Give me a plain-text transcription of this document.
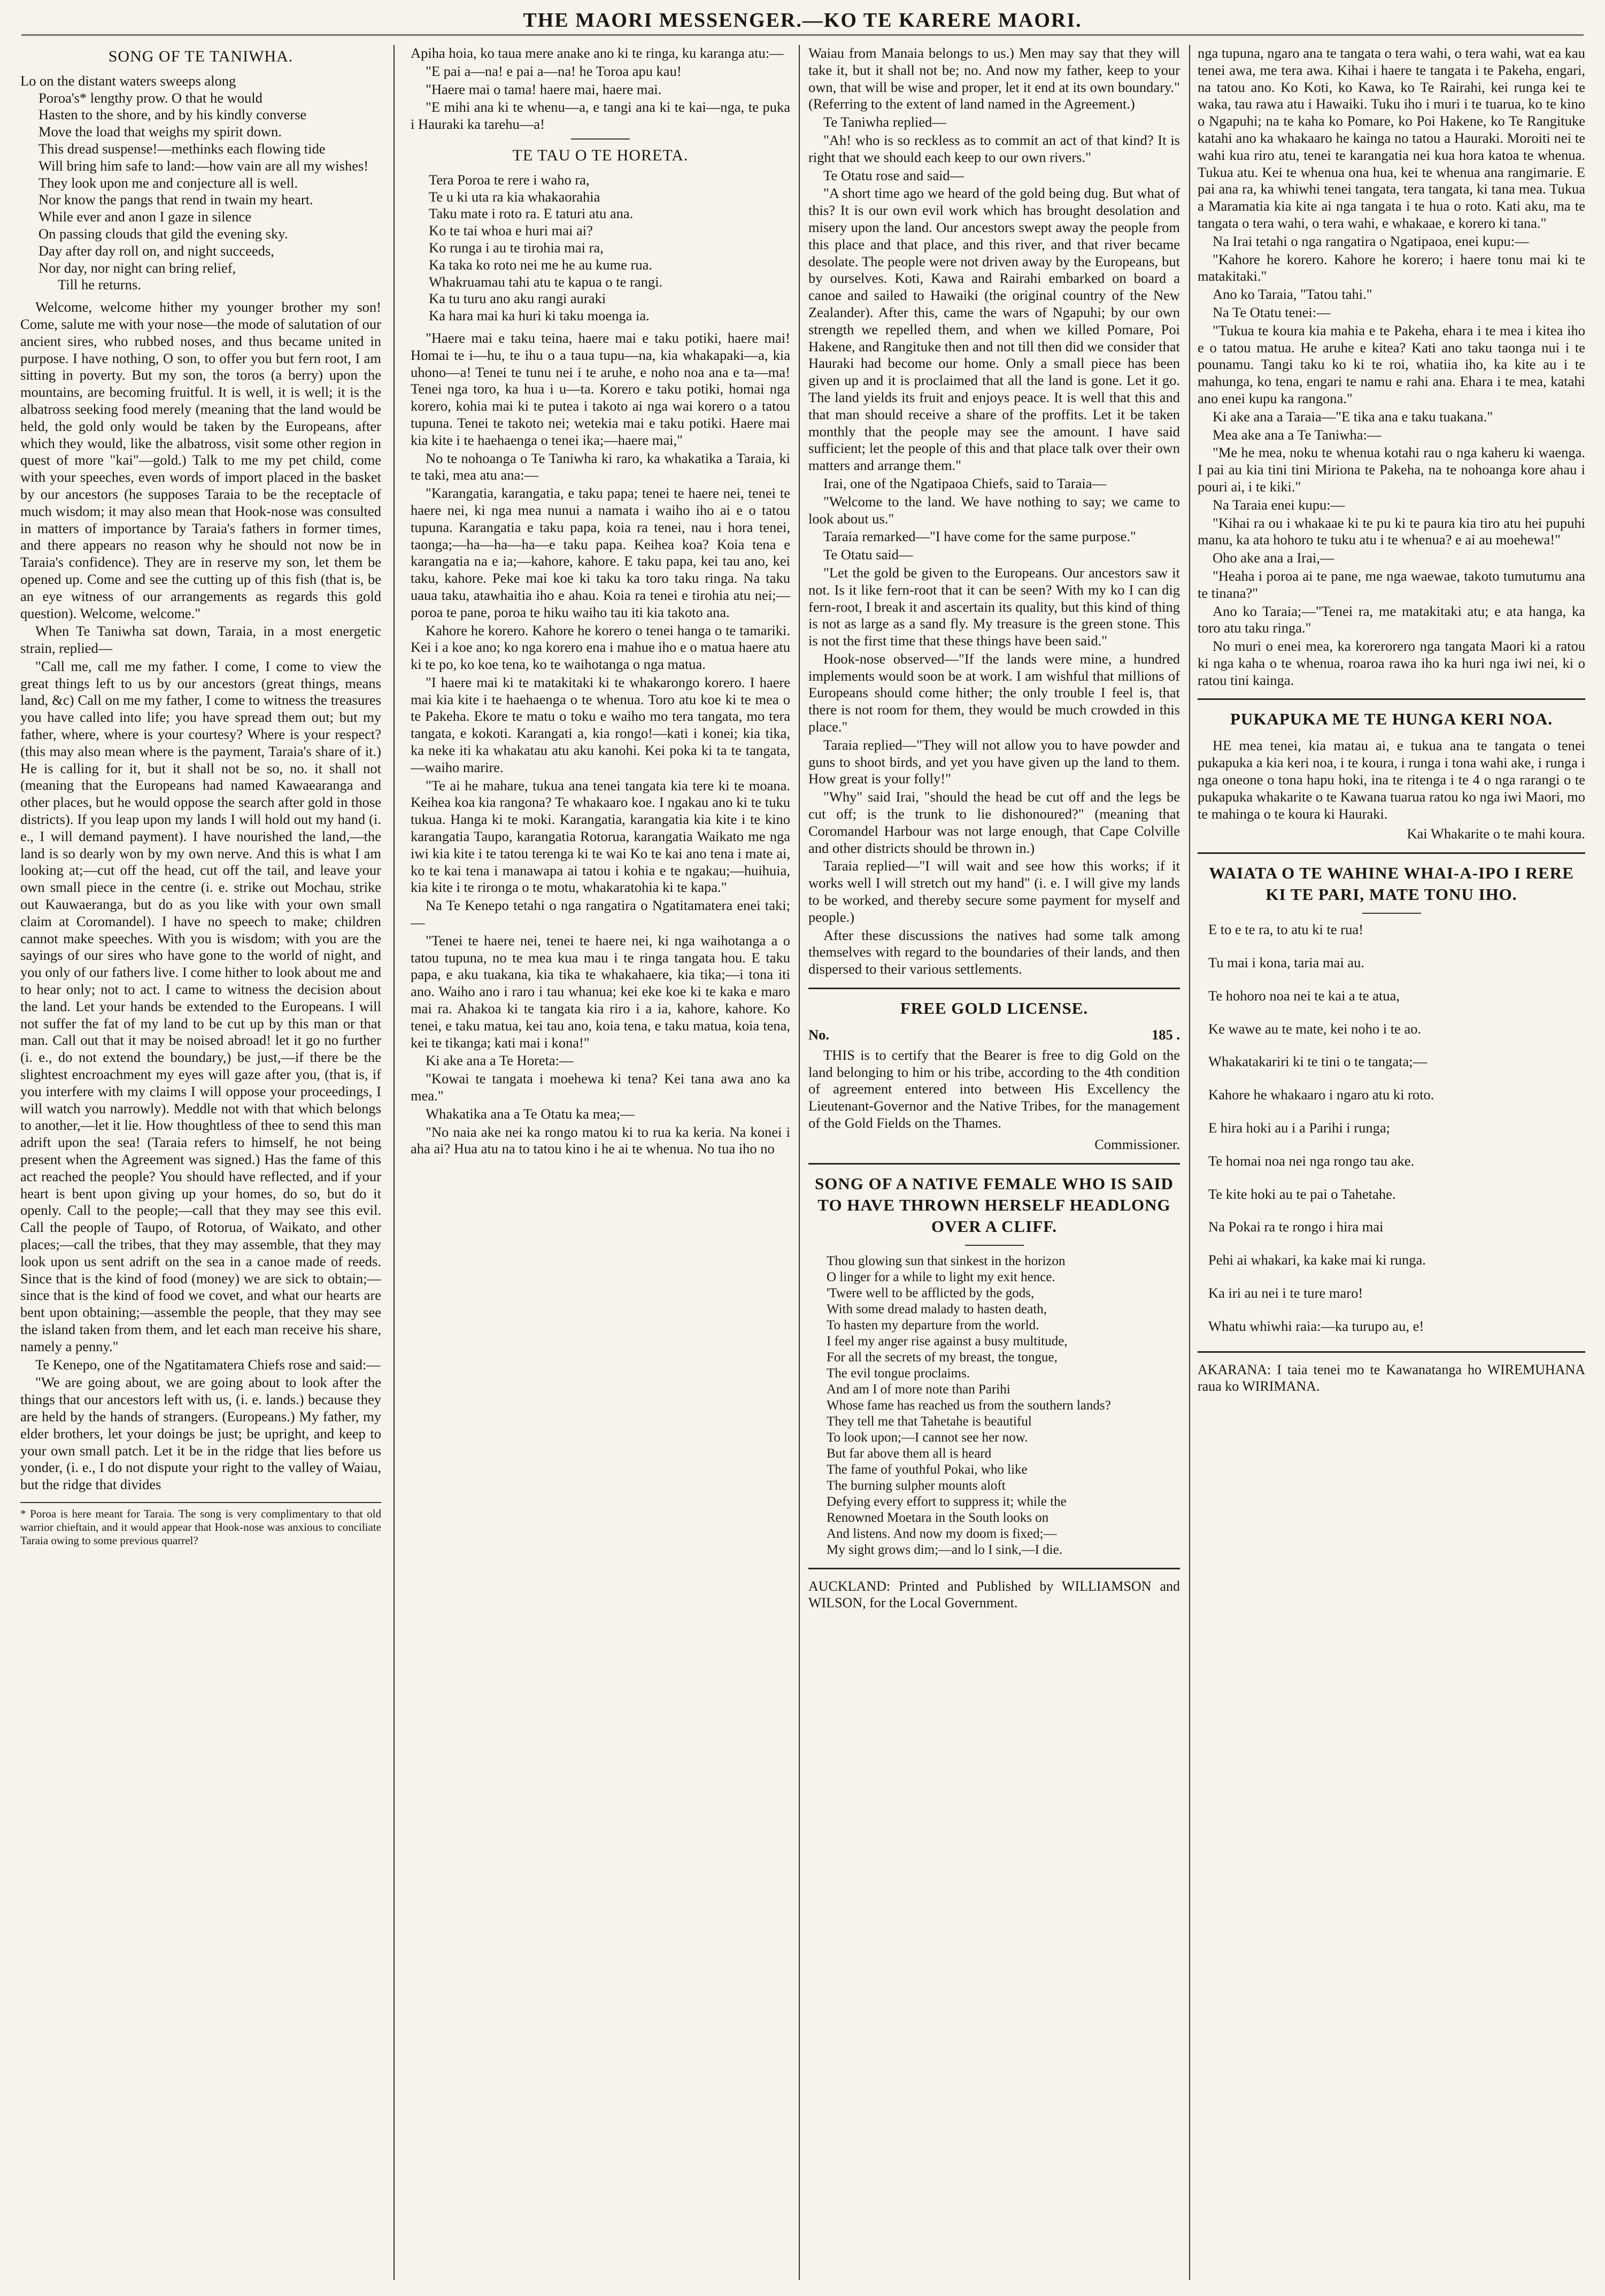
THE MAORI MESSENGER.—KO TE KARERE MAORI.
SONG OF TE TANIWHA.
Lo on the distant waters sweeps along
Poroa's* lengthy prow. O that he would
Hasten to the shore, and by his kindly converse
Move the load that weighs my spirit down.
This dread suspense!—methinks each flowing tide
Will bring him safe to land:—how vain are all my wishes!
They look upon me and conjecture all is well.
Nor know the pangs that rend in twain my heart.
While ever and anon I gaze in silence
On passing clouds that gild the evening sky.
Day after day roll on, and night succeeds,
Nor day, nor night can bring relief,
Till he returns.

Welcome, welcome hither my younger brother my son! Come, salute me with your nose—the mode of salutation of our ancient sires, who rubbed noses, and thus became united in purpose. I have nothing, O son, to offer you but fern root, I am sitting in poverty. But my son, the toros (a berry) upon the mountains, are becoming fruitful. It is well, it is well; it is the albatross seeking food merely (meaning that the land would be held, the gold only would be taken by the Europeans, after which they would, like the albatross, visit some other region in quest of more "kai"—gold.) Talk to me my pet child, come with your speeches, even words of import placed in the basket by our ancestors (he supposes Taraia to be the receptacle of much wisdom; it may also mean that Hook-nose was consulted in matters of importance by Taraia's fathers in former times, and there appears no reason why he should not now be in Taraia's confidence). They are in reserve my son, let them be opened up. Come and see the cutting up of this fish (that is, be an eye witness of our arrangements as regards this gold question). Welcome, welcome."

When Te Taniwha sat down, Taraia, in a most energetic strain, replied—

"Call me, call me my father. I come, I come to view the great things left to us by our ancestors (great things, means land, &c) Call on me my father, I come to witness the treasures you have called into life; you have spread them out; but my father, where, where is your courtesy? Where is your respect? (this may also mean where is the payment, Taraia's share of it.) He is calling for it, but it shall not be so, no. it shall not (meaning that the Europeans had named Kawaearanga and other places, but he would oppose the search after gold in those districts). If you leap upon my lands I will hold out my hand (i. e., I will demand payment). I have nourished the land,—the land is so dearly won by my own nerve. And this is what I am looking at;—cut off the head, cut off the tail, and leave your own small piece in the centre (i. e. strike out Mochau, strike out Kauwaeranga, but do as you like with your own small claim at Coromandel). I have no speech to make; children cannot make speeches. With you is wisdom; with you are the sayings of our sires who have gone to the world of night, and you only of our fathers live. I come hither to look about me and to hear only; not to act. I came to witness the decision about the land. Let your hands be extended to the Europeans. I will not suffer the fat of my land to be cut up by this man or that man. Call out that it may be noised abroad! let it go no further (i. e., do not extend the boundary,) be just,—if there be the slightest encroachment my eyes will gaze after you, (that is, if you interfere with my claims I will oppose your proceedings, I will watch you narrowly). Meddle not with that which belongs to another,—let it lie. How thoughtless of thee to send this man adrift upon the sea! (Taraia refers to himself, he not being present when the Agreement was signed.) Has the fame of this act reached the people? You should have reflected, and if your heart is bent upon giving up your homes, do so, but do it openly. Call to the people;—call that they may see this evil. Call the people of Taupo, of Rotorua, of Waikato, and other places;—call the tribes, that they may assemble, that they may look upon us sent adrift on the sea in a canoe made of reeds. Since that is the kind of food (money) we are sick to obtain;—since that is the kind of food we covet, and what our hearts are bent upon obtaining;—assemble the people, that they may see the island taken from them, and let each man receive his share, namely a penny."

Te Kenepo, one of the Ngatitamatera Chiefs rose and said:—

"We are going about, we are going about to look after the things that our ancestors left with us, (i. e. lands.) because they are held by the hands of strangers. (Europeans.) My father, my elder brothers, let your doings be just; be upright, and keep to your own small patch. Let it be in the ridge that lies before us yonder, (i. e., I do not dispute your right to the valley of Waiau, but the ridge that divides

* Poroa is here meant for Taraia. The song is very complimentary to that old warrior chieftain, and it would appear that Hook-nose was anxious to conciliate Taraia owing to some previous quarrel?

Apiha hoia, ko taua mere anake ano ki te ringa, ku karanga atu:—

"E pai a—na! e pai a—na! he Toroa apu kau!

"Haere mai o tama! haere mai, haere mai.

"E mihi ana ki te whenu—a, e tangi ana ki te kai—nga, te puka i Hauraki ka tarehu—a!

TE TAU O TE HORETA.
Tera Poroa te rere i waho ra,
Te u ki uta ra kia whakaorahia
Taku mate i roto ra. E taturi atu ana.
Ko te tai whoa e huri mai ai?
Ko runga i au te tirohia mai ra,
Ka taka ko roto nei me he au kume rua.
Whakruamau tahi atu te kapua o te rangi.
Ka tu turu ano aku rangi auraki
Ka hara mai ka huri ki taku moenga ia.

"Haere mai e taku teina, haere mai e taku potiki, haere mai! Homai te i—hu, te ihu o a taua tupu—na, kia whakapaki—a, kia uhono—a! Tenei te tunu nei i te aruhe, e noho noa ana e ta—ma! Tenei nga toro, ka hua i u—ta. Korero e taku potiki, homai nga korero, kohia mai ki te putea i takoto ai nga wai korero o a tatou tupuna. Tenei te takoto nei; wetekia mai e taku potiki. Haere mai kia kite i te haehaenga o tenei ika;—haere mai,"

No te nohoanga o Te Taniwha ki raro, ka whakatika a Taraia, ki te taki, mea atu ana:—

"Karangatia, karangatia, e taku papa; tenei te haere nei, tenei te haere nei, ki nga mea nunui a namata i waiho iho ai e o tatou tupuna. Karangatia e taku papa, koia ra tenei, nau i hora tenei, taonga;—ha—ha—ha—e taku papa. Keihea koa? Koia tena e karangatia na e ia;—kahore, kahore. E taku papa, kei tau ano, kei taku, kahore. Peke mai koe ki taku ka toro taku ringa. Na taku uaua taku, atawhaitia iho e ahau. Koia ra tenei e tirohia atu nei;—poroa te pane, poroa te hiku waiho tau iti kia takoto ana.

Kahore he korero. Kahore he korero o tenei hanga o te tamariki. Kei i a koe ano; ko nga korero ena i mahue iho e o matua haere atu ki te po, ko koe tena, ko te waihotanga o nga matua.

"I haere mai ki te matakitaki ki te whakarongo korero. I haere mai kia kite i te haehaenga o te whenua. Toro atu koe ki te mea o te Pakeha. Ekore te matu o toku e waiho mo tera tangata, mo tera tangata, e kokoti. Karangati a, kia rongo!—kati i konei; kia tika, ka neke iti ka whakatau atu aku kanohi. Kei poka ki ta te tangata,—waiho marire.

"Te ai he mahare, tukua ana tenei tangata kia tere ki te moana. Keihea koa kia rangona? Te whakaaro koe. I ngakau ano ki te tuku tukua. Hanga ki te moki. Karangatia, karangatia kia kite i te kino karangatia Taupo, karangatia Rotorua, karangatia Waikato me nga iwi kia kite i te tatou terenga ki te wai Ko te kai ano tena i mate ai, ko te kai tena i manawapa ai tatou i kohia e te ngakau;—huihuia, kia kite i te rironga o te motu, whakaratohia ki te kapa."

Na Te Kenepo tetahi o nga rangatira o Ngatitamatera enei taki;—

"Tenei te haere nei, tenei te haere nei, ki nga waihotanga a o tatou tupuna, no te mea kua mau i te ringa tangata hou. E taku papa, e aku tuakana, kia tika te whakahaere, kia tika;—i tona iti ano. Waiho ano i raro i tau whanua; kei eke koe ki te kaka e maro mai ra. Ahakoa ki te tangata kia riro i a ia, kahore, kahore. Ko tenei, e taku matua, kei tau ano, koia tena, e taku matua, koia tena, kei te tikanga; kati mai i kona!"

Ki ake ana a Te Horeta:—

"Kowai te tangata i moehewa ki tena? Kei tana awa ano ka mea."

Whakatika ana a Te Otatu ka mea;—

"No naia ake nei ka rongo matou ki to rua ka keria. Na konei i aha ai? Hua atu na to tatou kino i he ai te whenua. No tua iho no

Waiau from Manaia belongs to us.) Men may say that they will take it, but it shall not be; no. And now my father, keep to your own, that will be wise and proper, let it end at its own boundary." (Referring to the extent of land named in the Agreement.)

Te Taniwha replied—

"Ah! who is so reckless as to commit an act of that kind? It is right that we should each keep to our own rivers."

Te Otatu rose and said—

"A short time ago we heard of the gold being dug. But what of this? It is our own evil work which has brought desolation and misery upon the land. Our ancestors swept away the people from this place and that place, and this river, and that river became desolate. The people were not driven away by the Europeans, but by ourselves. Koti, Kawa and Rairahi embarked on board a canoe and sailed to Hawaiki (the original country of the New Zealander). After this, came the wars of Ngapuhi; by our own strength we repelled them, and when we killed Pomare, Poi Hakene, and Rangituke then and not till then did we consider that Hauraki had become our home. Only a small piece has been given up and it is proclaimed that all the land is gone. Let it go. The land yields its fruit and enjoys peace. It is well that this and that man should receive a share of the proffits. Let it be taken monthly that the people may see the amount. I have said sufficient; let the people of this and that place talk over their own matters and arrange them."

Irai, one of the Ngatipaoa Chiefs, said to Taraia—

"Welcome to the land. We have nothing to say; we came to look about us."

Taraia remarked—"I have come for the same purpose."

Te Otatu said—

"Let the gold be given to the Europeans. Our ancestors saw it not. Is it like fern-root that it can be seen? With my ko I can dig fern-root, I break it and ascertain its quality, but this kind of thing is not as large as a sand fly. My treasure is the green stone. This is not the first time that these things have been said."

Hook-nose observed—"If the lands were mine, a hundred implements would soon be at work. I am wishful that millions of Europeans should come hither; the only trouble I feel is, that there is not room for them, they would be much crowded in this place."

Taraia replied—"They will not allow you to have powder and guns to shoot birds, and yet you have given up the land to them. How great is your folly!"

"Why" said Irai, "should the head be cut off and the legs be cut off; is the trunk to lie dishonoured?" (meaning that Coromandel Harbour was not large enough, that Cape Colville and other districts should be thrown in.)

Taraia replied—"I will wait and see how this works; if it works well I will stretch out my hand" (i. e. I will give my lands to be worked, and thereby secure some payment for myself and people.)

After these discussions the natives had some talk among themselves with regard to the boundaries of their lands, and then dispersed to their various settlements.

FREE GOLD LICENSE.
No.	185 .

THIS is to certify that the Bearer is free to dig Gold on the land belonging to him or his tribe, according to the 4th condition of agreement entered into between His Excellency the Lieutenant-Governor and the Native Tribes, for the management of the Gold Fields on the Thames.

Commissioner.
SONG OF A NATIVE FEMALE WHO IS SAID TO HAVE THROWN HERSELF HEADLONG OVER A CLIFF.
Thou glowing sun that sinkest in the horizon
O linger for a while to light my exit hence.
'Twere well to be afflicted by the gods,
With some dread malady to hasten death,
To hasten my departure from the world.
I feel my anger rise against a busy multitude,
For all the secrets of my breast, the tongue,
The evil tongue proclaims.
And am I of more note than Parihi
Whose fame has reached us from the southern lands?
They tell me that Tahetahe is beautiful
To look upon;—I cannot see her now.
But far above them all is heard
The fame of youthful Pokai, who like
The burning sulpher mounts aloft
Defying every effort to suppress it; while the
Renowned Moetara in the South looks on
And listens. And now my doom is fixed;—
My sight grows dim;—and lo I sink,—I die.
AUCKLAND: Printed and Published by WILLIAMSON and WILSON, for the Local Government.

nga tupuna, ngaro ana te tangata o tera wahi, o tera wahi, wat ea kau tenei awa, me tera awa. Kihai i haere te tangata i te Pakeha, engari, na tatou ano. Ko Koti, ko Kawa, ko Te Rairahi, kei runga kei te waka, tau rawa atu i Hawaiki. Tuku iho i muri i te tuarua, ko te kino o Ngapuhi; na te kaha ko Pomare, ko Poi Hakene, ko Te Rangituke katahi ano ka whakaaro he kainga no tatou a Hauraki. Moroiti nei te wahi kua riro atu, tenei te karangatia nei kua hora katoa te whenua. Tukua atu. Kei te whenua ona hua, kei te whenua ana rangimarie. E pai ana ra, ka whiwhi tenei tangata, tera tangata, ki tana mea. Tukua a Maramatia kia kite ai nga tangata i te hua o roto. Kati aku, ma te tangata o tera wahi, o tera wahi, e whakaae, e korero ki tana."

Na Irai tetahi o nga rangatira o Ngatipaoa, enei kupu:—

"Kahore he korero. Kahore he korero; i haere tonu mai ki te matakitaki."

Ano ko Taraia, "Tatou tahi."

Na Te Otatu tenei:—

"Tukua te koura kia mahia e te Pakeha, ehara i te mea i kitea iho e o tatou matua. He aruhe e kitea? Kati ano taku taonga nui i te pounamu. Tangi taku ko ki te roi, whatiia iho, ka kite au i te mahunga, ko tena, engari te namu e rahi ana. Ehara i te mea, katahi ano enei kupu ka rangona."

Ki ake ana a Taraia—"E tika ana e taku tuakana."

Mea ake ana a Te Taniwha:—

"Me he mea, noku te whenua kotahi rau o nga kaheru ki waenga. I pai au kia tini tini Miriona te Pakeha, na te nohoanga kore ahau i pouri ai, i te kiki."

Na Taraia enei kupu:—

"Kihai ra ou i whakaae ki te pu ki te paura kia tiro atu hei pupuhi manu, ka ata hohoro te tuku atu i te whenua? e ai au moehewa!"

Oho ake ana a Irai,—

"Heaha i poroa ai te pane, me nga waewae, takoto tumutumu ana te tinana?"

Ano ko Taraia;—"Tenei ra, me matakitaki atu; e ata hanga, ka toro atu taku ringa."

No muri o enei mea, ka korerorero nga tangata Maori ki a ratou ki nga kaha o te whenua, roaroa rawa iho ka huri nga iwi nei, ki o ratou tini kainga.

PUKAPUKA ME TE HUNGA KERI NOA.

HE mea tenei, kia matau ai, e tukua ana te tangata o tenei pukapuka a kia keri noa, i te koura, i runga i tona wahi ake, i runga i nga oneone o tona hapu hoki, ina te ritenga i te 4 o nga rarangi o te pukapuka whakarite o te Kawana tuarua ratou ko nga iwi Maori, mo te mahinga o te koura ki Hauraki.

Kai Whakarite o te mahi koura.
WAIATA O TE WAHINE WHAI-A-IPO I RERE KI TE PARI, MATE TONU IHO.
E to e te ra, to atu ki te rua!
Tu mai i kona, taria mai au.
Te hohoro noa nei te kai a te atua,
Ke wawe au te mate, kei noho i te ao.
Whakatakariri ki te tini o te tangata;—
Kahore he whakaaro i ngaro atu ki roto.
E hira hoki au i a Parihi i runga;
Te homai noa nei nga rongo tau ake.
Te kite hoki au te pai o Tahetahe.
Na Pokai ra te rongo i hira mai
Pehi ai whakari, ka kake mai ki runga.
Ka iri au nei i te ture maro!
Whatu whiwhi raia:—ka turupo au, e!
AKARANA: I taia tenei mo te Kawanatanga ho WIREMUHANA raua ko WIRIMANA.
